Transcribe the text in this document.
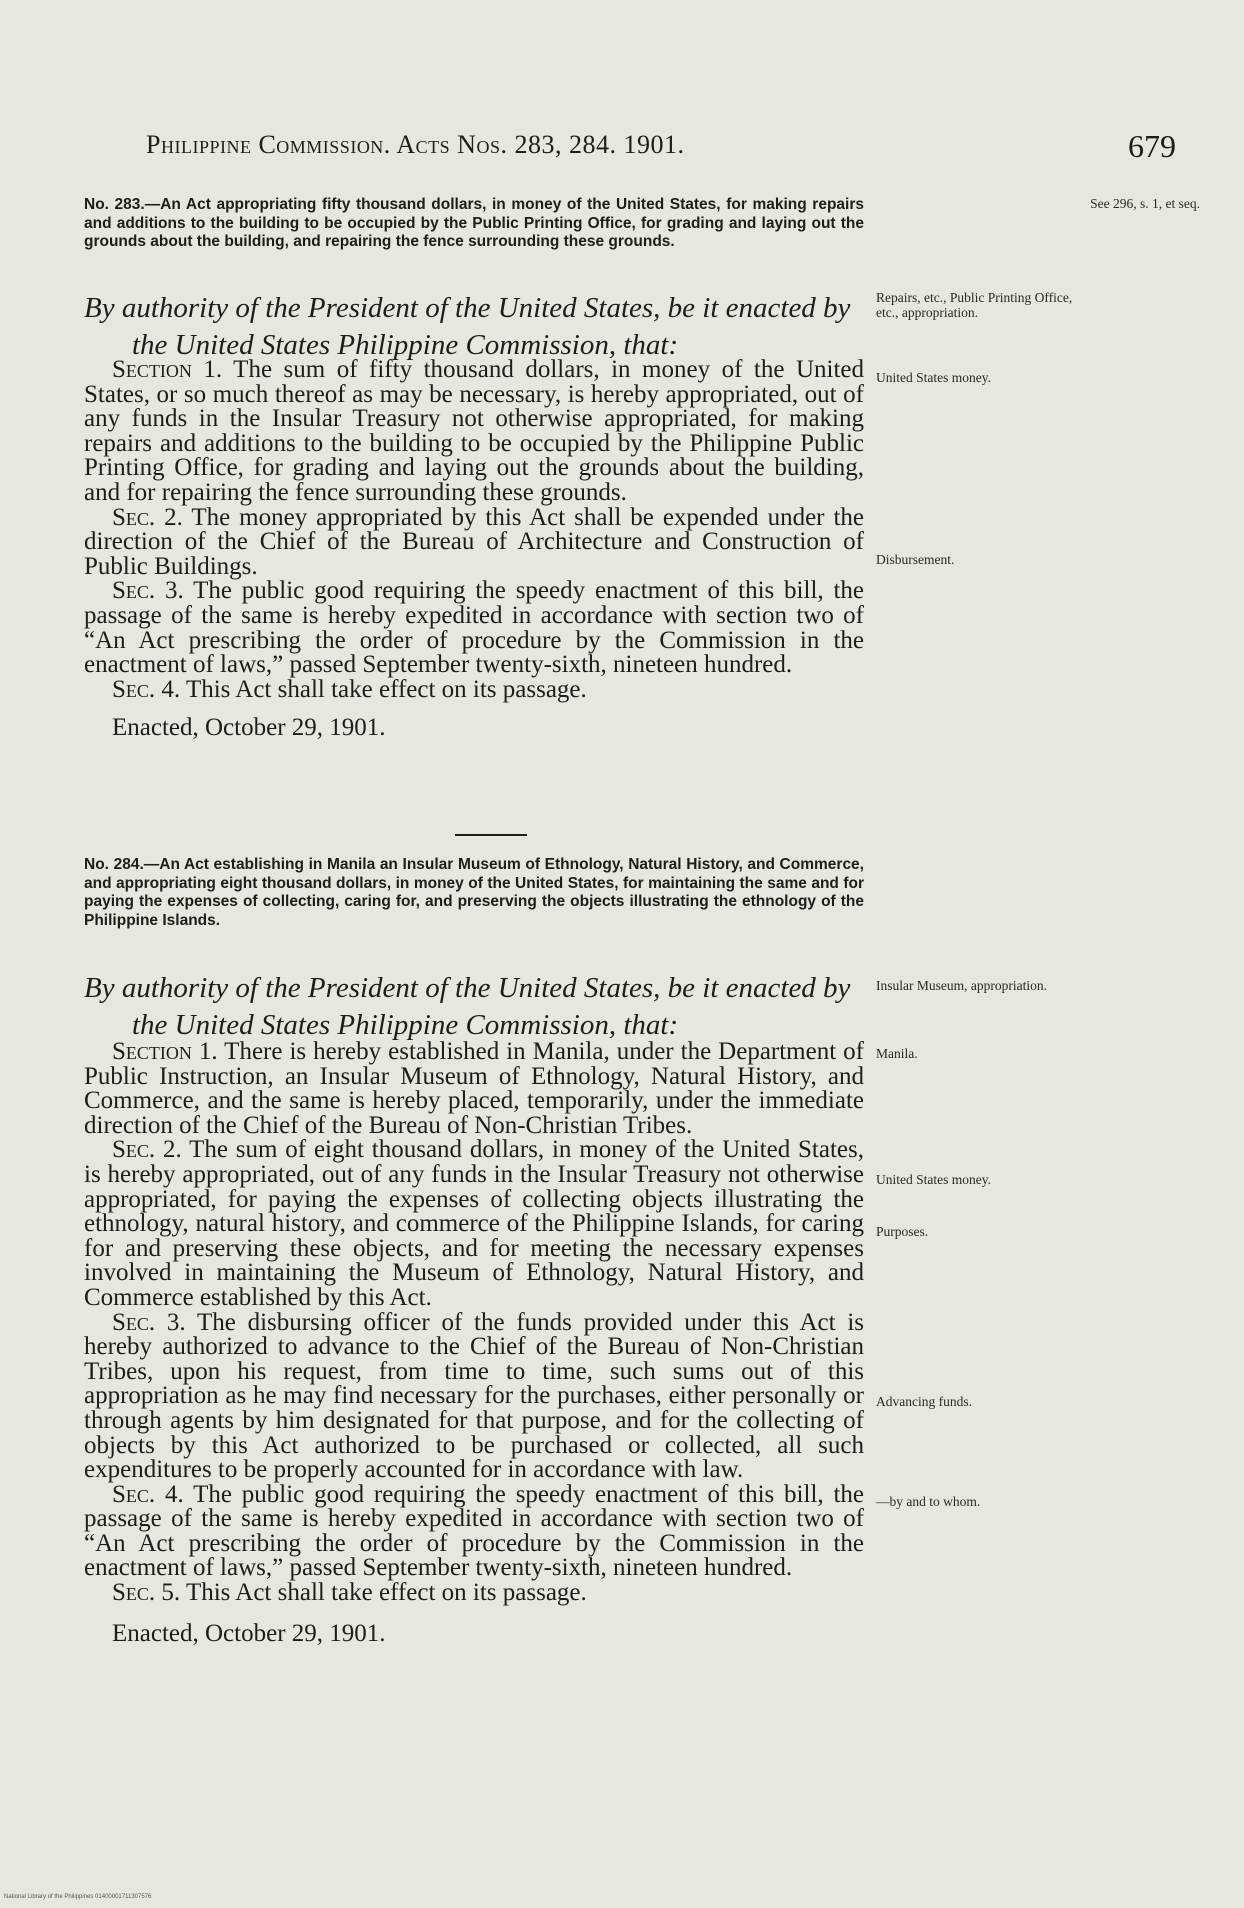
Philippine Commission. Acts Nos. 283, 284. 1901.	679

No. 283.—An Act appropriating fifty thousand dollars, in money of the United States, for making repairs and additions to the building to be occupied by the Public Printing Office, for grading and laying out the grounds about the building, and repairing the fence surrounding these grounds.

By authority of the President of the United States, be it enacted by
the United States Philippine Commission, that:

Section 1. The sum of fifty thousand dollars, in money of the United States, or so much thereof as may be necessary, is hereby appropriated, out of any funds in the Insular Treasury not otherwise appropriated, for making repairs and additions to the building to be occupied by the Philippine Public Printing Office, for grading and laying out the grounds about the building, and for repairing the fence surrounding these grounds.

Sec. 2. The money appropriated by this Act shall be expended under the direction of the Chief of the Bureau of Architecture and Construction of Public Buildings.

Sec. 3. The public good requiring the speedy enactment of this bill, the passage of the same is hereby expedited in accordance with section two of “An Act prescribing the order of procedure by the Commission in the enactment of laws,” passed September twenty-sixth, nineteen hundred.

Sec. 4. This Act shall take effect on its passage.

Enacted, October 29, 1901.

No. 284.—An Act establishing in Manila an Insular Museum of Ethnology, Natural History, and Commerce, and appropriating eight thousand dollars, in money of the United States, for maintaining the same and for paying the expenses of collecting, caring for, and preserving the objects illustrating the ethnology of the Philippine Islands.

By authority of the President of the United States, be it enacted by
the United States Philippine Commission, that:

Section 1. There is hereby established in Manila, under the Department of Public Instruction, an Insular Museum of Ethnology, Natural History, and Commerce, and the same is hereby placed, temporarily, under the immediate direction of the Chief of the Bureau of Non-Christian Tribes.

Sec. 2. The sum of eight thousand dollars, in money of the United States, is hereby appropriated, out of any funds in the Insular Treasury not otherwise appropriated, for paying the expenses of collecting objects illustrating the ethnology, natural history, and commerce of the Philippine Islands, for caring for and preserving these objects, and for meeting the necessary expenses involved in maintaining the Museum of Ethnology, Natural History, and Commerce established by this Act.

Sec. 3. The disbursing officer of the funds provided under this Act is hereby authorized to advance to the Chief of the Bureau of Non-Christian Tribes, upon his request, from time to time, such sums out of this appropriation as he may find necessary for the purchases, either personally or through agents by him designated for that purpose, and for the collecting of objects by this Act authorized to be purchased or collected, all such expenditures to be properly accounted for in accordance with law.

Sec. 4. The public good requiring the speedy enactment of this bill, the passage of the same is hereby expedited in accordance with section two of “An Act prescribing the order of procedure by the Commission in the enactment of laws,” passed September twenty-sixth, nineteen hundred.

Sec. 5. This Act shall take effect on its passage.

Enacted, October 29, 1901.

See 296, s. 1, et seq.
Repairs, etc., Public Printing Office, etc., appropriation.
United States money.
Disbursement.
Insular Museum, appropriation.
Manila.
United States money.
Purposes.
Advancing funds.
—by and to whom.
National Library of the Philippines 01400001711307576
